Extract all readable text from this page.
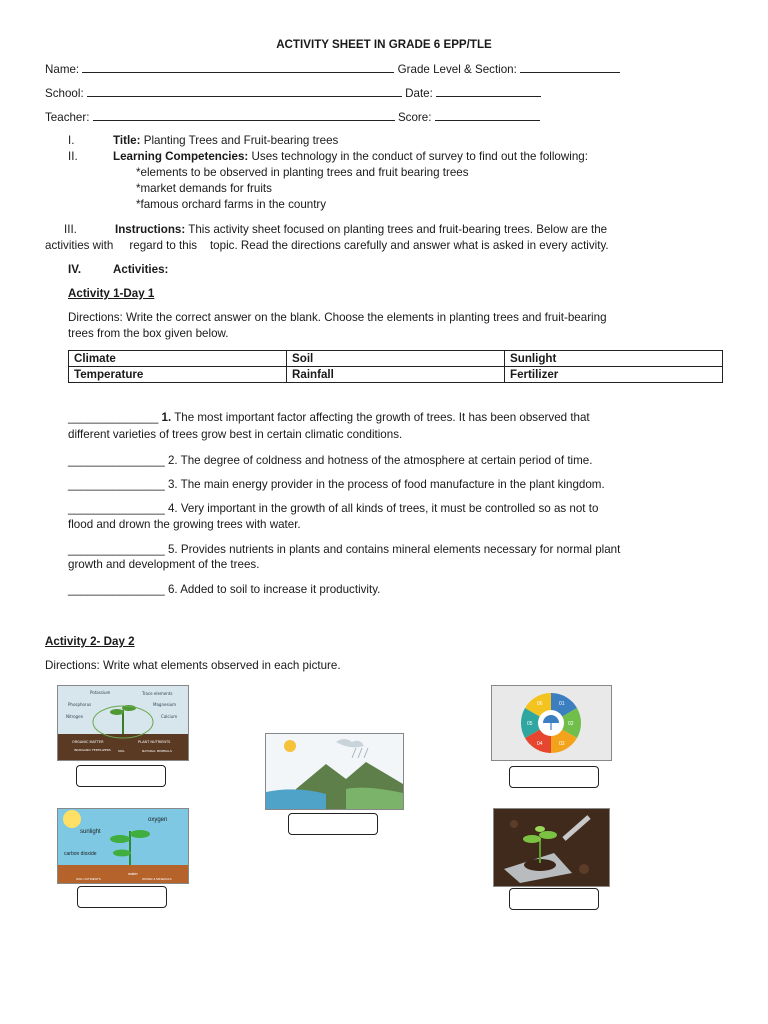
ACTIVITY SHEET IN GRADE 6 EPP/TLE
Name:	Grade Level & Section:
School:	Date:
Teacher:	Score:
I.	Title: Planting Trees and Fruit-bearing trees
II.	Learning Competencies: Uses technology in the conduct of survey to find out the following:
*elements to be observed in planting trees and fruit bearing trees
*market demands for fruits
*famous orchard farms in the country
III.	Instructions: This activity sheet focused on planting trees and fruit-bearing trees. Below are the
activities with     regard to this    topic. Read the directions carefully and answer what is asked in every activity.
IV.	Activities:
Activity 1-Day 1
Directions: Write the correct answer on the blank. Choose the elements in planting trees and fruit-bearing
trees from the box given below.
Climate	Soil	Sunlight
Temperature	Rainfall	Fertilizer
______________ 1. The most important factor affecting the growth of trees. It has been observed that
different varieties of trees grow best in certain climatic conditions.
_______________ 2. The degree of coldness and hotness of the atmosphere at certain period of time.
_______________ 3. The main energy provider in the process of food manufacture in the plant kingdom.
_______________ 4. Very important in the growth of all kinds of trees, it must be controlled so as not to
flood and drown the growing trees with water.
_______________ 5. Provides nutrients in plants and contains mineral elements necessary for normal plant
growth and development of the trees.
_______________ 6. Added to soil to increase it productivity.
Activity 2- Day 2
Directions: Write what elements observed in each picture.
Potassium	Trace elements
Phosphorus	Magnesium
Nitrogen	Calcium
ORGANIC MATTER	PLANT NUTRIENTS
INORGANIC FERTILIZERS SOIL	NATURAL MINERALS
01
02
03
04
05
06
sunlight
oxygen
carbon dioxide
water
SOIL NUTRIENTS	WATER & MINERALS
